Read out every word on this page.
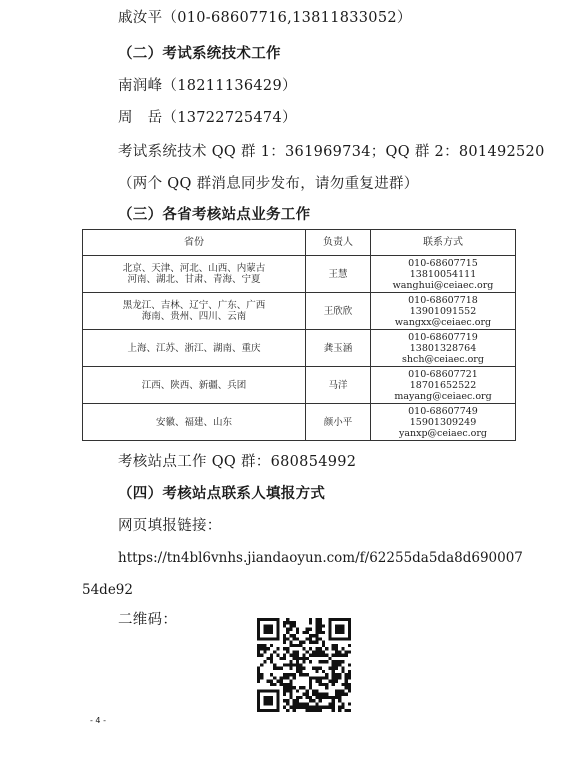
戚汝平（010-68607716,13811833052）
（二）考试系统技术工作
南润峰（18211136429）
周　岳（13722725474）
考试系统技术 QQ 群 1：361969734；QQ 群 2：801492520
（两个 QQ 群消息同步发布，请勿重复进群）
（三）各省考核站点业务工作
省份	负责人	联系方式

北京、天津、河北、山西、内蒙古
河南、湖北、甘肃、青海、宁夏	王慧	010-68607715
13810054111
wanghui@ceiaec.org

黑龙江、吉林、辽宁、广东、广西
海南、贵州、四川、云南	王欣欣	010-68607718
13901091552
wangxx@ceiaec.org

上海、江苏、浙江、湖南、重庆	龚玉涵	010-68607719
13801328764
shch@ceiaec.org

江西、陕西、新疆、兵团	马洋	010-68607721
18701652522
mayang@ceiaec.org

安徽、福建、山东	颜小平	010-68607749
15901309249
yanxp@ceiaec.org
考核站点工作 QQ 群：680854992
（四）考核站点联系人填报方式
网页填报链接：
https://tn4bl6vnhs.jiandaoyun.com/f/62255da5da8d690007
54de92
二维码：
- 4 -
